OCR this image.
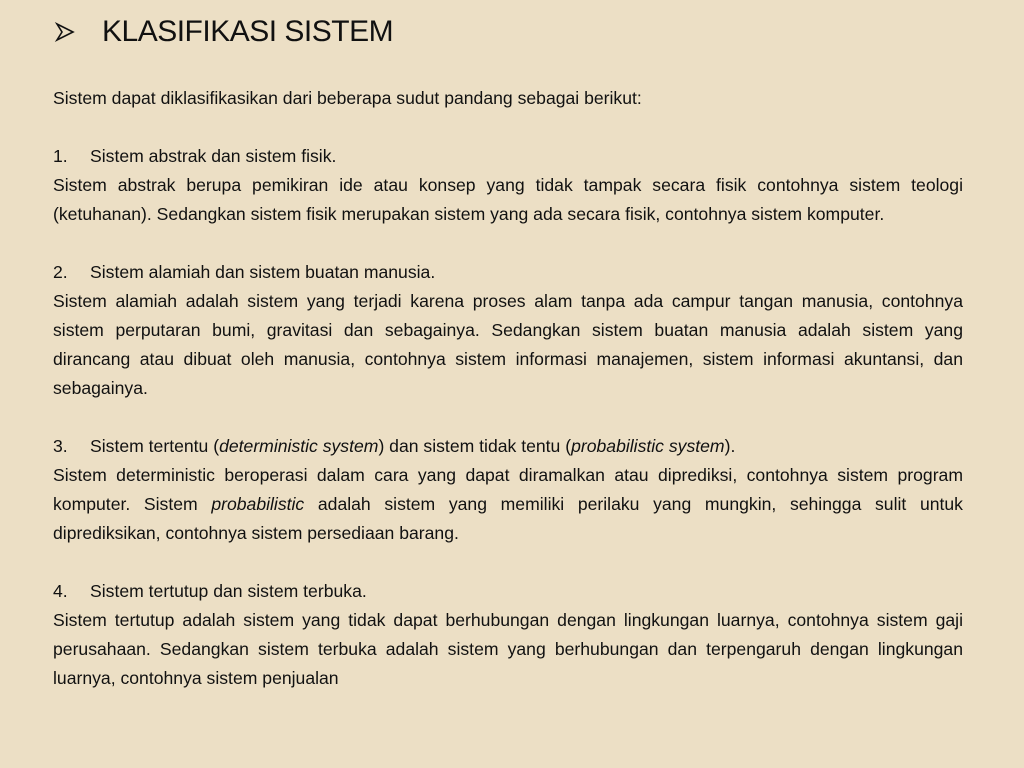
KLASIFIKASI SISTEM

Sistem dapat diklasifikasikan dari beberapa sudut pandang sebagai berikut:

1.	Sistem abstrak dan sistem fisik.

Sistem abstrak berupa pemikiran ide atau konsep yang tidak tampak secara fisik contohnya sistem teologi (ketuhanan). Sedangkan sistem fisik merupakan sistem yang ada secara fisik, contohnya sistem komputer.

2.	Sistem alamiah dan sistem buatan manusia.

Sistem alamiah adalah sistem yang terjadi karena proses alam tanpa ada campur tangan manusia, contohnya sistem perputaran bumi, gravitasi dan sebagainya. Sedangkan sistem buatan manusia adalah sistem yang dirancang atau dibuat oleh manusia, contohnya sistem informasi manajemen, sistem informasi akuntansi, dan sebagainya.

3.	Sistem tertentu (deterministic system) dan sistem tidak tentu (probabilistic system).

Sistem deterministic beroperasi dalam cara yang dapat diramalkan atau diprediksi, contohnya sistem program komputer. Sistem probabilistic adalah sistem yang memiliki perilaku yang mungkin, sehingga sulit untuk diprediksikan, contohnya sistem persediaan barang.

4.	Sistem tertutup dan sistem terbuka.

Sistem tertutup adalah sistem yang tidak dapat berhubungan dengan lingkungan luarnya, contohnya sistem gaji perusahaan. Sedangkan sistem terbuka adalah sistem yang berhubungan dan terpengaruh dengan lingkungan luarnya, contohnya sistem penjualan
